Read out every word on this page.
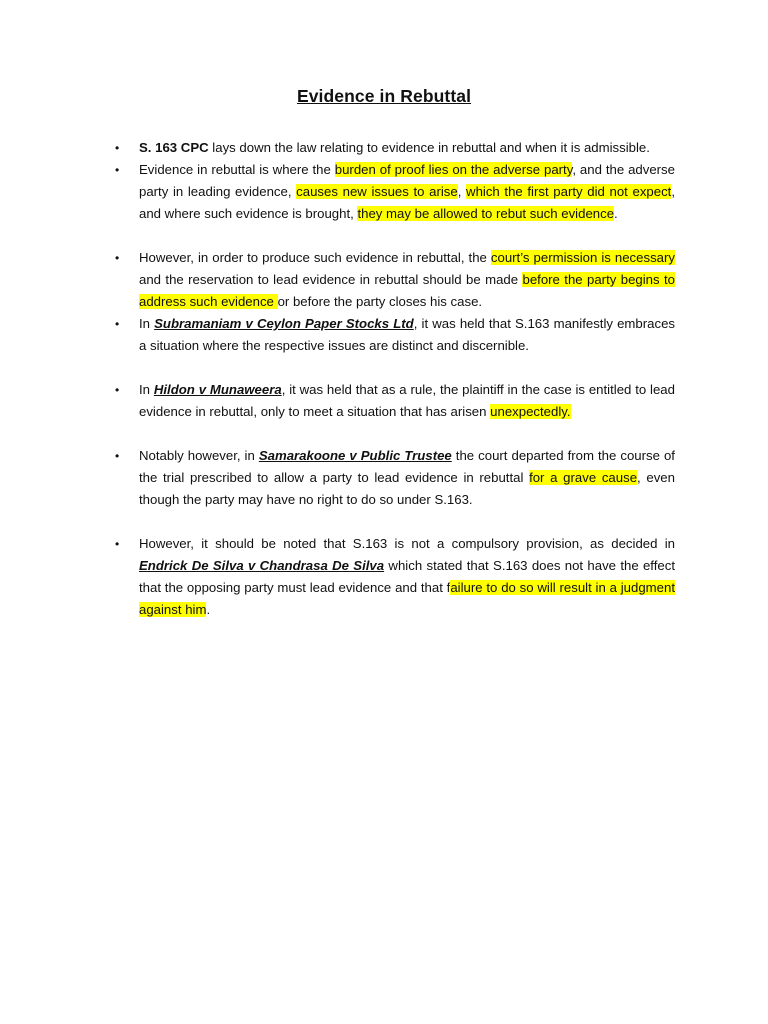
Evidence in Rebuttal
• S. 163 CPC lays down the law relating to evidence in rebuttal and when it is admissible.
• Evidence in rebuttal is where the burden of proof lies on the adverse party, and the adverse party in leading evidence, causes new issues to arise, which the first party did not expect, and where such evidence is brought, they may be allowed to rebut such evidence.
• However, in order to produce such evidence in rebuttal, the court’s permission is necessary and the reservation to lead evidence in rebuttal should be made before the party begins to address such evidence or before the party closes his case.
• In Subramaniam v Ceylon Paper Stocks Ltd, it was held that S.163 manifestly embraces a situation where the respective issues are distinct and discernible.
• In Hildon v Munaweera, it was held that as a rule, the plaintiff in the case is entitled to lead evidence in rebuttal, only to meet a situation that has arisen unexpectedly.
• Notably however, in Samarakoone v Public Trustee the court departed from the course of the trial prescribed to allow a party to lead evidence in rebuttal for a grave cause, even though the party may have no right to do so under S.163.
• However, it should be noted that S.163 is not a compulsory provision, as decided in Endrick De Silva v Chandrasa De Silva which stated that S.163 does not have the effect that the opposing party must lead evidence and that failure to do so will result in a judgment against him.
